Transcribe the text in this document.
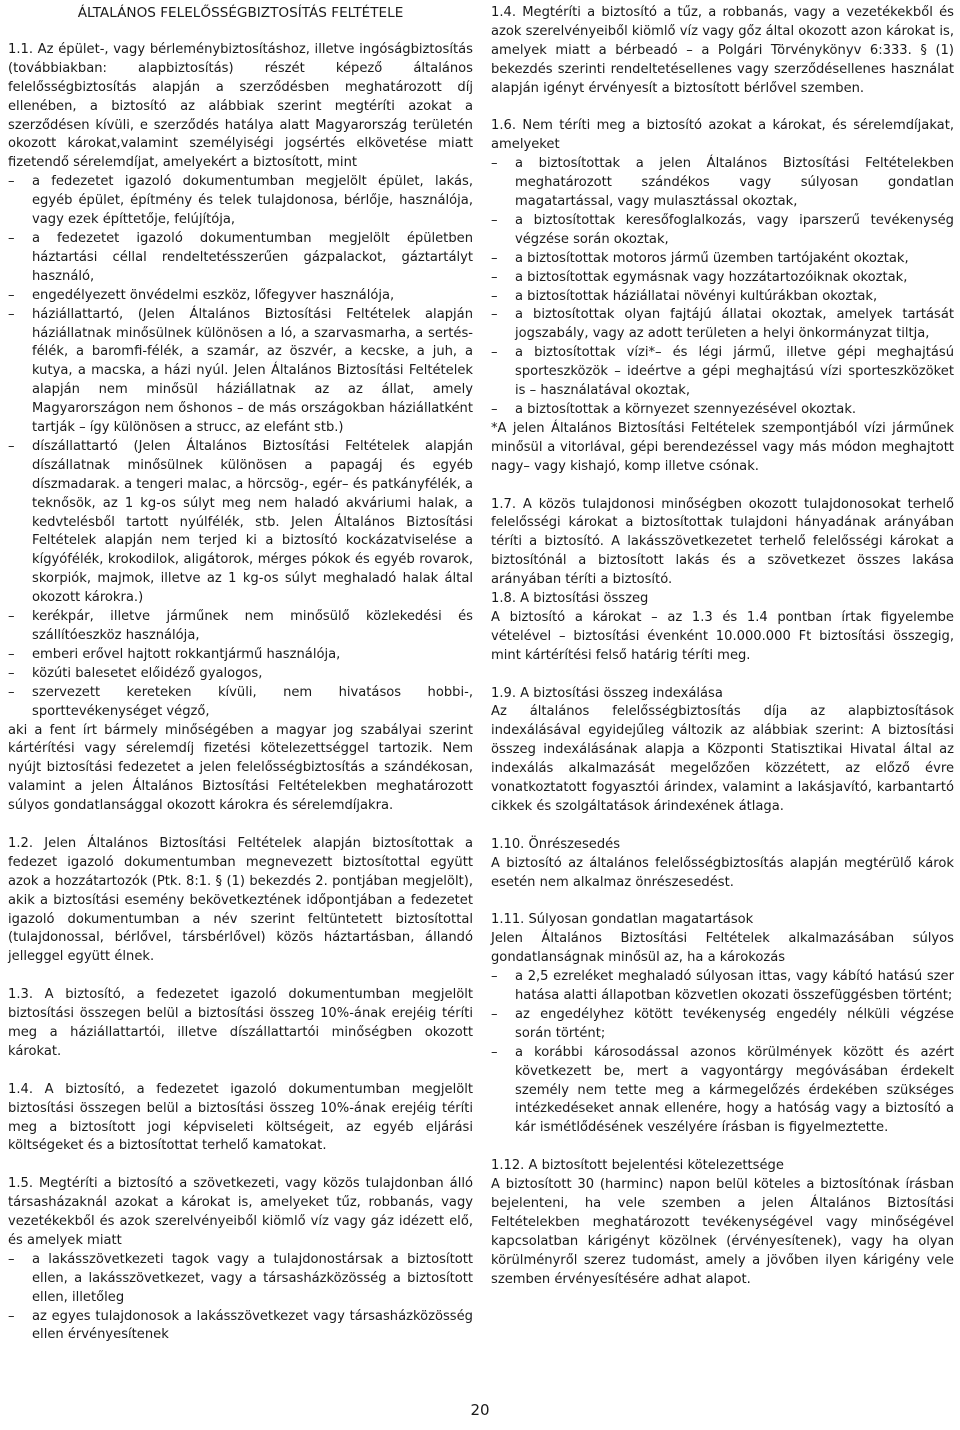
ÁLTALÁNOS FELELŐSSÉGBIZTOSÍTÁS FELTÉTELE

1.1. Az épület-, vagy bérleménybiztosításhoz, illetve ingóságbiztosítás (továbbiakban: alapbiztosítás) részét képező általános felelősségbiztosítás alapján a szerződésben meghatározott díj ellenében, a biztosító az alábbiak szerint megtéríti azokat a szerződésen kívüli, e szerződés hatálya alatt Magyarország területén okozott károkat,valamint személyiségi jogsértés elkövetése miatt fizetendő sérelemdíjat, amelyekért a biztosított, mint

– a fedezetet igazoló dokumentumban megjelölt épület, lakás, egyéb épület, építmény és telek tulajdonosa, bérlője, használója, vagy ezek építtetője, felújítója,
– a fedezetet igazoló dokumentumban megjelölt épületben háztartási céllal rendeltetésszerűen gázpalackot, gáztartályt használó,
– engedélyezett önvédelmi eszköz, lőfegyver használója,
– háziállattartó, (Jelen Általános Biztosítási Feltételek alapján háziállatnak minősülnek különösen a ló, a szarvasmarha, a sertés-félék, a baromfi-félék, a szamár, az öszvér, a kecske, a juh, a kutya, a macska, a házi nyúl. Jelen Általános Biztosítási Feltételek alapján nem minősül háziállatnak az az állat, amely Magyarországon nem őshonos – de más országokban háziállatként tartják – így különösen a strucc, az elefánt stb.)
– díszállattartó (Jelen Általános Biztosítási Feltételek alapján díszállatnak minősülnek különösen a papagáj és egyéb díszmadarak. a tengeri malac, a hörcsög-, egér– és patkányfélék, a teknősök, az 1 kg-os súlyt meg nem haladó akváriumi halak, a kedvtelésből tartott nyúlfélék, stb. Jelen Általános Biztosítási Feltételek alapján nem terjed ki a biztosító kockázatviselése a kígyófélék, krokodilok, aligátorok, mérges pókok és egyéb rovarok, skorpiók, majmok, illetve az 1 kg-os súlyt meghaladó halak által okozott károkra.)
– kerékpár, illetve járműnek nem minősülő közlekedési és szállítóeszköz használója,
– emberi erővel hajtott rokkantjármű használója,
– közúti balesetet előidéző gyalogos,
– szervezett kereteken kívüli, nem hivatásos hobbi-, sporttevékenységet végző,

aki a fent írt bármely minőségében a magyar jog szabályai szerint kártérítési vagy sérelemdíj fizetési kötelezettséggel tartozik. Nem nyújt biztosítási fedezetet a jelen felelősségbiztosítás a szándékosan, valamint a jelen Általános Biztosítási Feltételekben meghatározott súlyos gondatlansággal okozott károkra és sérelemdíjakra.

1.2. Jelen Általános Biztosítási Feltételek alapján biztosítottak a fedezet igazoló dokumentumban megnevezett biztosítottal együtt azok a hozzátartozók (Ptk. 8:1. § (1) bekezdés 2. pontjában megjelölt), akik a biztosítási esemény bekövetkeztének időpontjában a fedezetet igazoló dokumentumban a név szerint feltüntetett biztosítottal (tulajdonossal, bérlővel, társbérlővel) közös háztartásban, állandó jelleggel együtt élnek.

1.3. A biztosító, a fedezetet igazoló dokumentumban megjelölt biztosítási összegen belül a biztosítási összeg 10%-ának erejéig téríti meg a háziállattartói, illetve díszállattartói minőségben okozott károkat.

1.4. A biztosító, a fedezetet igazoló dokumentumban megjelölt biztosítási összegen belül a biztosítási összeg 10%-ának erejéig téríti meg a biztosított jogi képviseleti költségeit, az egyéb eljárási költségeket és a biztosítottat terhelő kamatokat.

1.5. Megtéríti a biztosító a szövetkezeti, vagy közös tulajdonban álló társasházaknál azokat a károkat is, amelyeket tűz, robbanás, vagy vezetékekből és azok szerelvényeiből kiömlő víz vagy gáz idézett elő, és amelyek miatt

– a lakásszövetkezeti tagok vagy a tulajdonostársak a biztosított ellen, a lakásszövetkezet, vagy a társasházközösség a biztosított ellen, illetőleg
– az egyes tulajdonosok a lakásszövetkezet vagy társasházközösség ellen érvényesítenek

1.4. Megtéríti a biztosító a tűz, a robbanás, vagy a vezetékekből és azok szerelvényeiből kiömlő víz vagy gőz által okozott azon károkat is, amelyek miatt a bérbeadó – a Polgári Törvénykönyv 6:333. § (1) bekezdés szerinti rendeltetésellenes vagy szerződésellenes használat alapján igényt érvényesít a biztosított bérlővel szemben.

1.6. Nem téríti meg a biztosító azokat a károkat, és sérelemdíjakat, amelyeket

– a biztosítottak a jelen Általános Biztosítási Feltételekben meghatározott szándékos vagy súlyosan gondatlan magatartással, vagy mulasztással okoztak,
– a biztosítottak keresőfoglalkozás, vagy iparszerű tevékenység végzése során okoztak,
– a biztosítottak motoros jármű üzemben tartójaként okoztak,
– a biztosítottak egymásnak vagy hozzátartozóiknak okoztak,
– a biztosítottak háziállatai növényi kultúrákban okoztak,
– a biztosítottak olyan fajtájú állatai okoztak, amelyek tartását jogszabály, vagy az adott területen a helyi önkormányzat tiltja,
– a biztosítottak vízi*– és légi jármű, illetve gépi meghajtású sporteszközök – ideértve a gépi meghajtású vízi sporteszközöket is – használatával okoztak,
– a biztosítottak a környezet szennyezésével okoztak.

*A jelen Általános Biztosítási Feltételek szempontjából vízi járműnek minősül a vitorlával, gépi berendezéssel vagy más módon meghajtott nagy– vagy kishajó, komp illetve csónak.

1.7. A közös tulajdonosi minőségben okozott tulajdonosokat terhelő felelősségi károkat a biztosítottak tulajdoni hányadának arányában téríti a biztosító. A lakásszövetkezetet terhelő felelősségi károkat a biztosítónál a biztosított lakás és a szövetkezet összes lakása arányában téríti a biztosító.

1.8. A biztosítási összeg

A biztosító a károkat – az 1.3 és 1.4 pontban írtak figyelembe vételével – biztosítási évenként 10.000.000 Ft biztosítási összegig, mint kártérítési felső határig téríti meg.

1.9. A biztosítási összeg indexálása

Az általános felelősségbiztosítás díja az alapbiztosítások indexálásával egyidejűleg változik az alábbiak szerint: A biztosítási összeg indexálásának alapja a Központi Statisztikai Hivatal által az indexálás alkalmazását megelőzően közzétett, az előző évre vonatkoztatott fogyasztói árindex, valamint a lakásjavító, karbantartó cikkek és szolgáltatások árindexének átlaga.

1.10. Önrészesedés

A biztosító az általános felelősségbiztosítás alapján megtérülő károk esetén nem alkalmaz önrészesedést.

1.11. Súlyosan gondatlan magatartások

Jelen Általános Biztosítási Feltételek alkalmazásában súlyos gondatlanságnak minősül az, ha a károkozás

– a 2,5 ezreléket meghaladó súlyosan ittas, vagy kábító hatású szer hatása alatti állapotban közvetlen okozati összefüggésben történt;
– az engedélyhez kötött tevékenység engedély nélküli végzése során történt;
– a korábbi károsodással azonos körülmények között és azért következett be, mert a vagyontárgy megóvásában érdekelt személy nem tette meg a kármegelőzés érdekében szükséges intézkedéseket annak ellenére, hogy a hatóság vagy a biztosító a kár ismétlődésének veszélyére írásban is figyelmeztette.

1.12. A biztosított bejelentési kötelezettsége

A biztosított 30 (harminc) napon belül köteles a biztosítónak írásban bejelenteni, ha vele szemben a jelen Általános Biztosítási Feltételekben meghatározott tevékenységével vagy minőségével kapcsolatban kárigényt közölnek (érvényesítenek), vagy ha olyan körülményről szerez tudomást, amely a jövőben ilyen kárigény vele szemben érvényesítésére adhat alapot.

20
